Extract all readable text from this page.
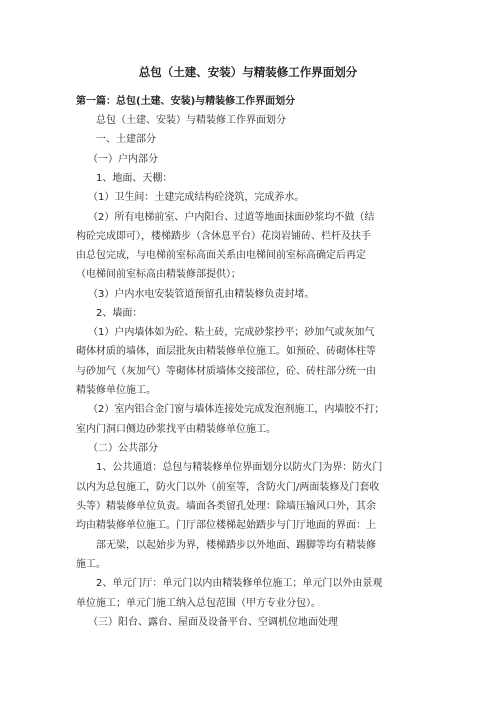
总包（土建、安装）与精装修工作界面划分
第一篇：总包(土建、安装)与精装修工作界面划分
总包（土建、安装）与精装修工作界面划分
一、土建部分
（一）户内部分
1、地面、天棚：
（1）卫生间：土建完成结构砼浇筑，完成养水。
（2）所有电梯前室、户内阳台、过道等地面抹面砂浆均不做（结
构砼完成即可），楼梯踏步（含休息平台）花岗岩铺砖、栏杆及扶手
由总包完成，与电梯前室标高面关系由电梯间前室标高确定后再定
（电梯间前室标高由精装修部提供）；
（3）户内水电安装管道预留孔由精装修负责封堵。
2、墙面：
（1）户内墙体如为砼、粘土砖，完成砂浆抄平；砂加气或灰加气
砌体材质的墙体，面层批灰由精装修单位施工。如预砼、砖砌体柱等
与砂加气（灰加气）等砌体材质墙体交接部位，砼、砖柱部分统一由
精装修单位施工。
（2）室内铝合金门窗与墙体连接处完成发泡剂施工，内墙胶不打；
室内门洞口侧边砂浆找平由精装修单位施工。
（二）公共部分
1、公共通道：总包与精装修单位界面划分以防火门为界：防火门
以内为总包施工，防火门以外（前室等，含防火门/两面装修及门套收
头等）精装修单位负责。墙面各类留孔处理：除墙压输风口外，其余
均由精装修单位施工。门厅部位楼梯起始踏步与门厅地面的界面：上
部无梁，以起始步为界，楼梯踏步以外地面、踢脚等均有精装修
施工。
2、单元门厅：单元门以内由精装修单位施工；单元门以外由景观
单位施工；单元门施工纳入总包范围（甲方专业分包）。
（三）阳台、露台、屋面及设备平台、空调机位地面处理
